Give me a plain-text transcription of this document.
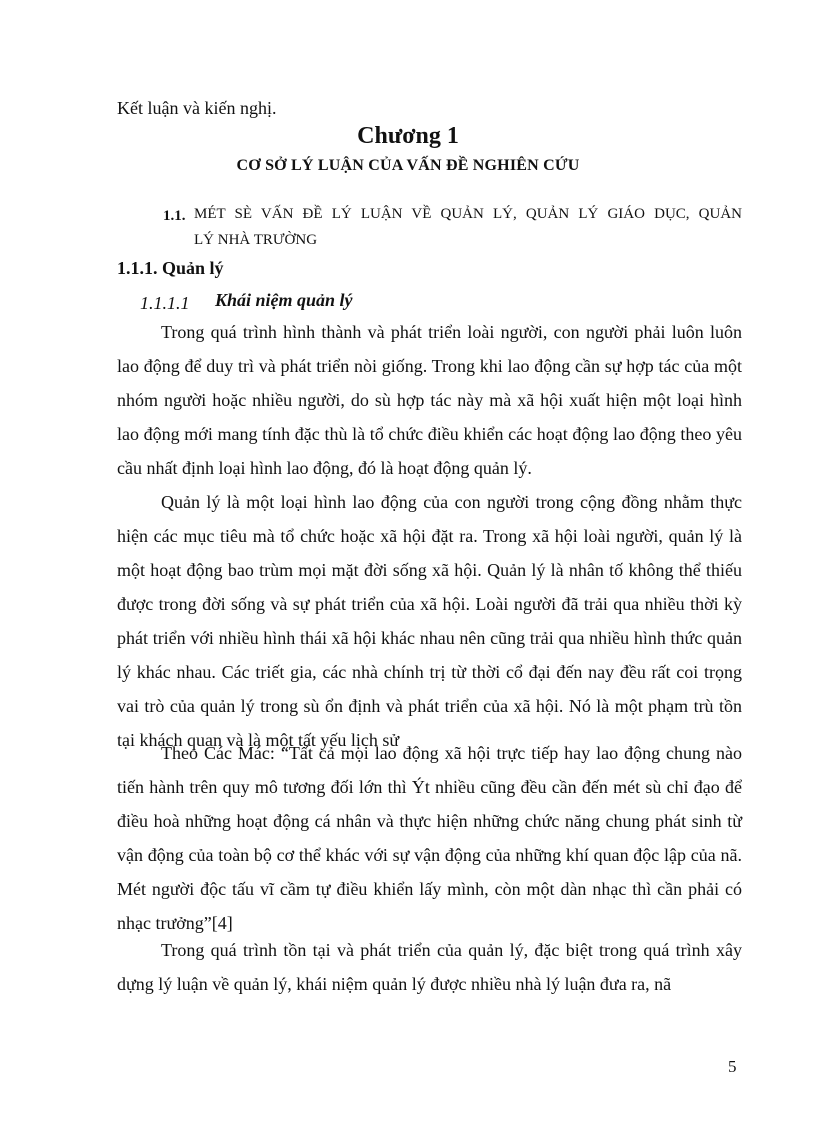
Kết luận và kiến nghị.
Chương 1
CƠ SỞ LÝ LUẬN CỦA VẤN ĐỀ NGHIÊN CỨU
1.1. MÉT SÈ VẤN ĐỀ LÝ LUẬN VỀ QUẢN LÝ, QUẢN LÝ GIÁO DỤC, QUẢN
LÝ NHÀ TRƯỜNG
1.1.1. Quản lý
1.1.1.1 Khái niệm quản lý
Trong quá trình hình thành và phát triển loài người, con người phải luôn luôn lao động để duy trì và phát triển nòi giống. Trong khi lao động cần sự hợp tác của một nhóm người hoặc nhiều người, do sù hợp tác này mà xã hội xuất hiện một loại hình lao động mới mang tính đặc thù là tổ chức điều khiển các hoạt động lao động theo yêu cầu nhất định loại hình lao động, đó là hoạt động quản lý.
Quản lý là một loại hình lao động của con người trong cộng đồng nhằm thực hiện các mục tiêu mà tổ chức hoặc xã hội đặt ra. Trong xã hội loài người, quản lý là một hoạt động bao trùm mọi mặt đời sống xã hội. Quản lý là nhân tố không thể thiếu được trong đời sống và sự phát triển của xã hội. Loài người đã trải qua nhiều thời kỳ phát triển với nhiều hình thái xã hội khác nhau nên cũng trải qua nhiều hình thức quản lý khác nhau. Các triết gia, các nhà chính trị từ thời cổ đại đến nay đều rất coi trọng vai trò của quản lý trong sù ổn định và phát triển của xã hội. Nó là một phạm trù tồn tại khách quan và là một tất yếu lịch sử
Theo Các Mác: “Tất cả mọi lao động xã hội trực tiếp hay lao động chung nào tiến hành trên quy mô tương đối lớn thì Ýt nhiều cũng đều cần đến mét sù chỉ đạo để điều hoà những hoạt động cá nhân và thực hiện những chức năng chung phát sinh từ vận động của toàn bộ cơ thể khác với sự vận động của những khí quan độc lập của nã. Mét người độc tấu vĩ cầm tự điều khiển lấy mình, còn một dàn nhạc thì cần phải có nhạc trưởng”[4]
Trong quá trình tồn tại và phát triển của quản lý, đặc biệt trong quá trình xây dựng lý luận về quản lý, khái niệm quản lý được nhiều nhà lý luận đưa ra, nã
5
